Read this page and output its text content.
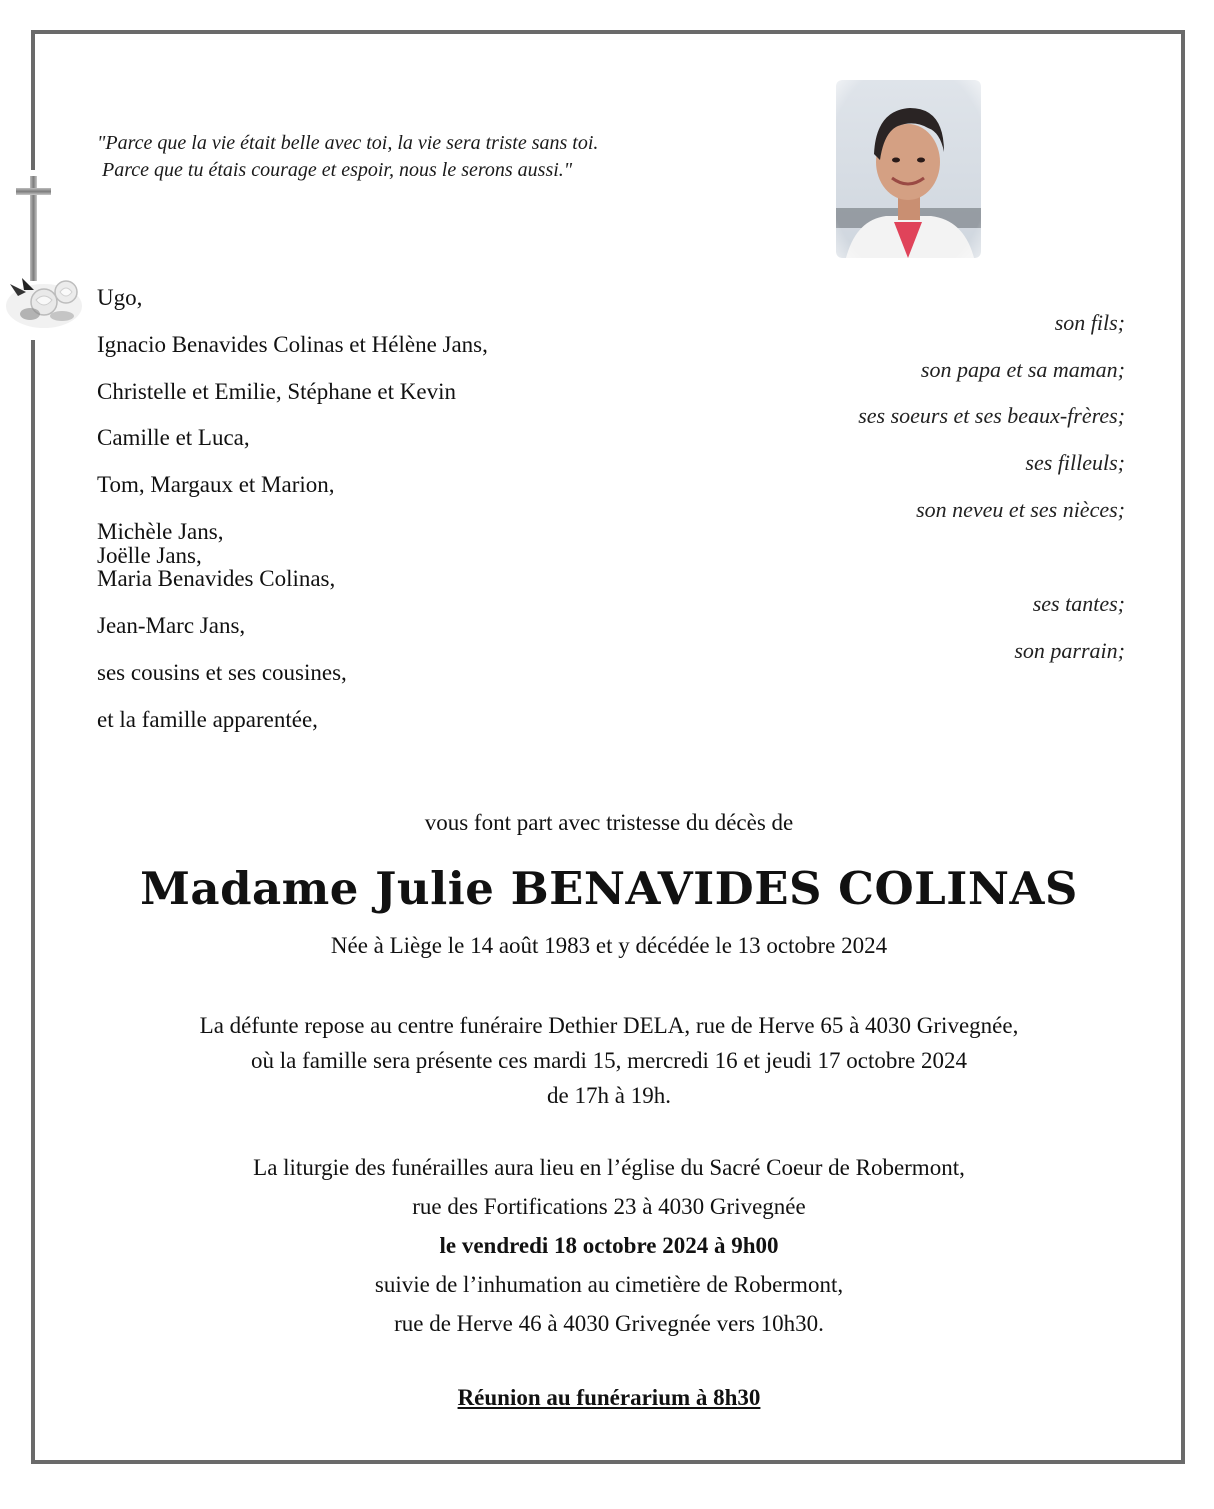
"Parce que la vie était belle avec toi, la vie sera triste sans toi.
Parce que tu étais courage et espoir, nous le serons aussi."
Ugo,
Ignacio Benavides Colinas et Hélène Jans,
Christelle et Emilie, Stéphane et Kevin
Camille et Luca,
Tom, Margaux et Marion,
Michèle Jans,
Joëlle Jans,
Maria Benavides Colinas,
Jean-Marc Jans,
ses cousins et ses cousines,
et la famille apparentée,
son fils;
son papa et sa maman;
ses soeurs et ses beaux-frères;
ses filleuls;
son neveu et ses nièces;
ses tantes;
son parrain;
vous font part avec tristesse du décès de
Madame Julie BENAVIDES COLINAS
Née à Liège le 14 août 1983 et y décédée le 13 octobre 2024
La défunte repose au centre funéraire Dethier DELA, rue de Herve 65 à 4030 Grivegnée,
où la famille sera présente ces mardi 15, mercredi 16 et jeudi 17 octobre 2024
de 17h à 19h.
La liturgie des funérailles aura lieu en l’église du Sacré Coeur de Robermont,
rue des Fortifications 23 à 4030 Grivegnée
le vendredi 18 octobre 2024 à 9h00
suivie de l’inhumation au cimetière de Robermont,
rue de Herve 46 à 4030 Grivegnée vers 10h30.
Réunion au funérarium à 8h30
